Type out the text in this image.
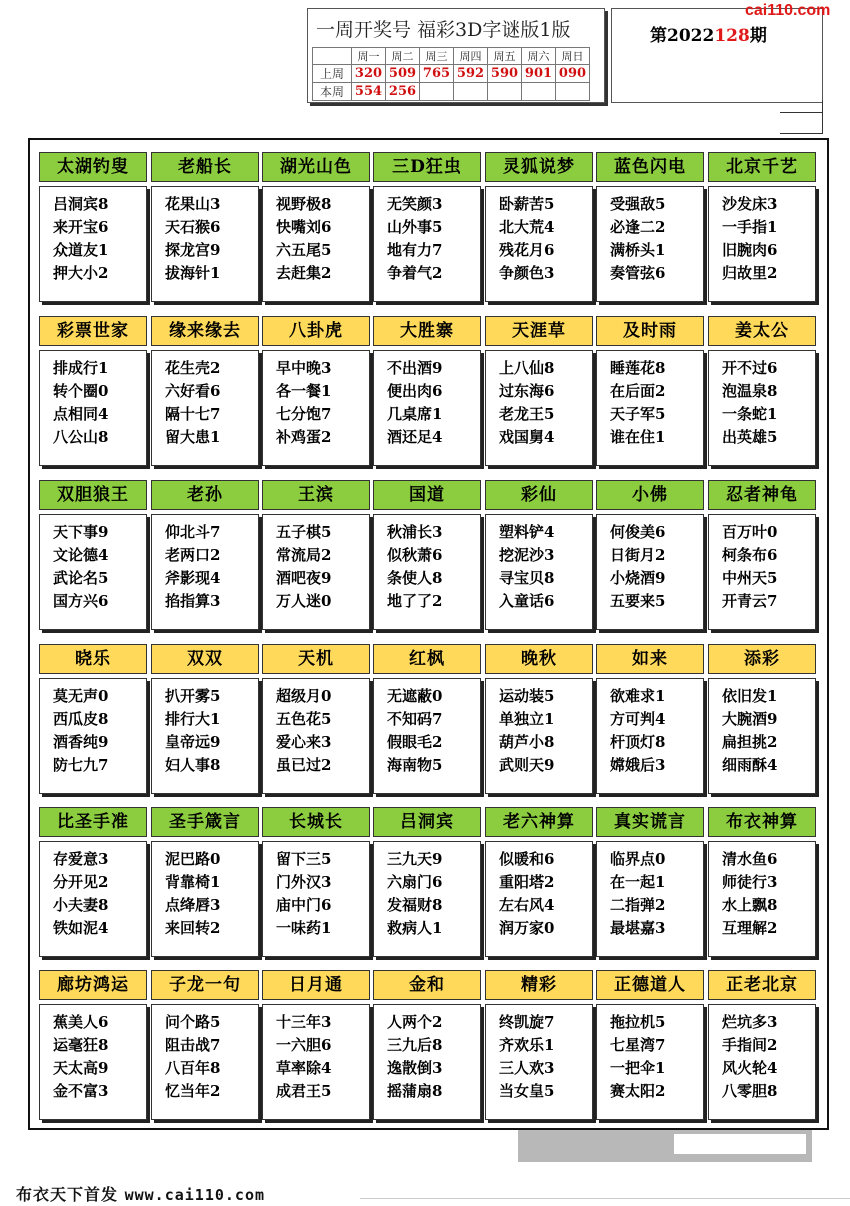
一周开奖号 福彩3D字谜版1版
	周一	周二	周三	周四	周五	周六	周日
上周	320	509	765	592	590	901	090
本周	554	256					
第2022128期
cai110.com
太湖钓叟
吕洞宾8
来开宝6
众道友1
押大小2
老船长
花果山3
天石猴6
探龙宫9
拔海针1
湖光山色
视野极8
快嘴刘6
六五尾5
去赶集2
三D狂虫
无笑颜3
山外事5
地有力7
争着气2
灵狐说梦
卧薪苦5
北大荒4
残花月6
争颜色3
蓝色闪电
受强敌5
必逢二2
满桥头1
奏管弦6
北京千艺
沙发床3
一手指1
旧腕肉6
归故里2
彩票世家
排成行1
转个圈0
点相同4
八公山8
缘来缘去
花生壳2
六好看6
隔十七7
留大患1
八卦虎
早中晚3
各一餐1
七分饱7
补鸡蛋2
大胜寨
不出酒9
便出肉6
几桌席1
酒还足4
天涯草
上八仙8
过东海6
老龙王5
戏国舅4
及时雨
睡莲花8
在后面2
天子军5
谁在住1
姜太公
开不过6
泡温泉8
一条蛇1
出英雄5
双胆狼王
天下事9
文论德4
武论名5
国方兴6
老孙
仰北斗7
老两口2
斧影现4
掐指算3
王滨
五子棋5
常流局2
酒吧夜9
万人迷0
国道
秋浦长3
似秋萧6
条使人8
地了了2
彩仙
塑料铲4
挖泥沙3
寻宝贝8
入童话6
小佛
何俊美6
日街月2
小烧酒9
五要来5
忍者神龟
百万叶0
柯条布6
中州天5
开青云7
晓乐
莫无声0
西瓜皮8
酒香纯9
防七九7
双双
扒开雾5
排行大1
皇帝远9
妇人事8
天机
超级月0
五色花5
爱心来3
虽已过2
红枫
无遮蔽0
不知码7
假眼毛2
海南物5
晚秋
运动装5
单独立1
葫芦小8
武则天9
如来
欲难求1
方可判4
杆顶灯8
嫦娥后3
添彩
依旧发1
大腕酒9
扁担挑2
细雨酥4
比圣手准
存爱意3
分开见2
小夫妻8
铁如泥4
圣手箴言
泥巴路0
背靠椅1
点绛唇3
来回转2
长城长
留下三5
门外汉3
庙中门6
一味药1
吕洞宾
三九天9
六扇门6
发福财8
救病人1
老六神算
似暖和6
重阳塔2
左右风4
润万家0
真实谎言
临界点0
在一起1
二指弹2
最堪嘉3
布衣神算
清水鱼6
师徒行3
水上飘8
互理解2
廊坊鸿运
蕉美人6
运毫狂8
天太高9
金不富3
子龙一句
问个路5
阻击战7
八百年8
忆当年2
日月通
十三年3
一六胆6
草率除4
成君王5
金和
人两个2
三九后8
逸散倒3
摇蒲扇8
精彩
终凯旋7
齐欢乐1
三人欢3
当女皇5
正德道人
拖拉机5
七星湾7
一把伞1
赛太阳2
正老北京
烂坑多3
手指间2
风火轮4
八零胆8
布衣天下首发 www.cai110.com
